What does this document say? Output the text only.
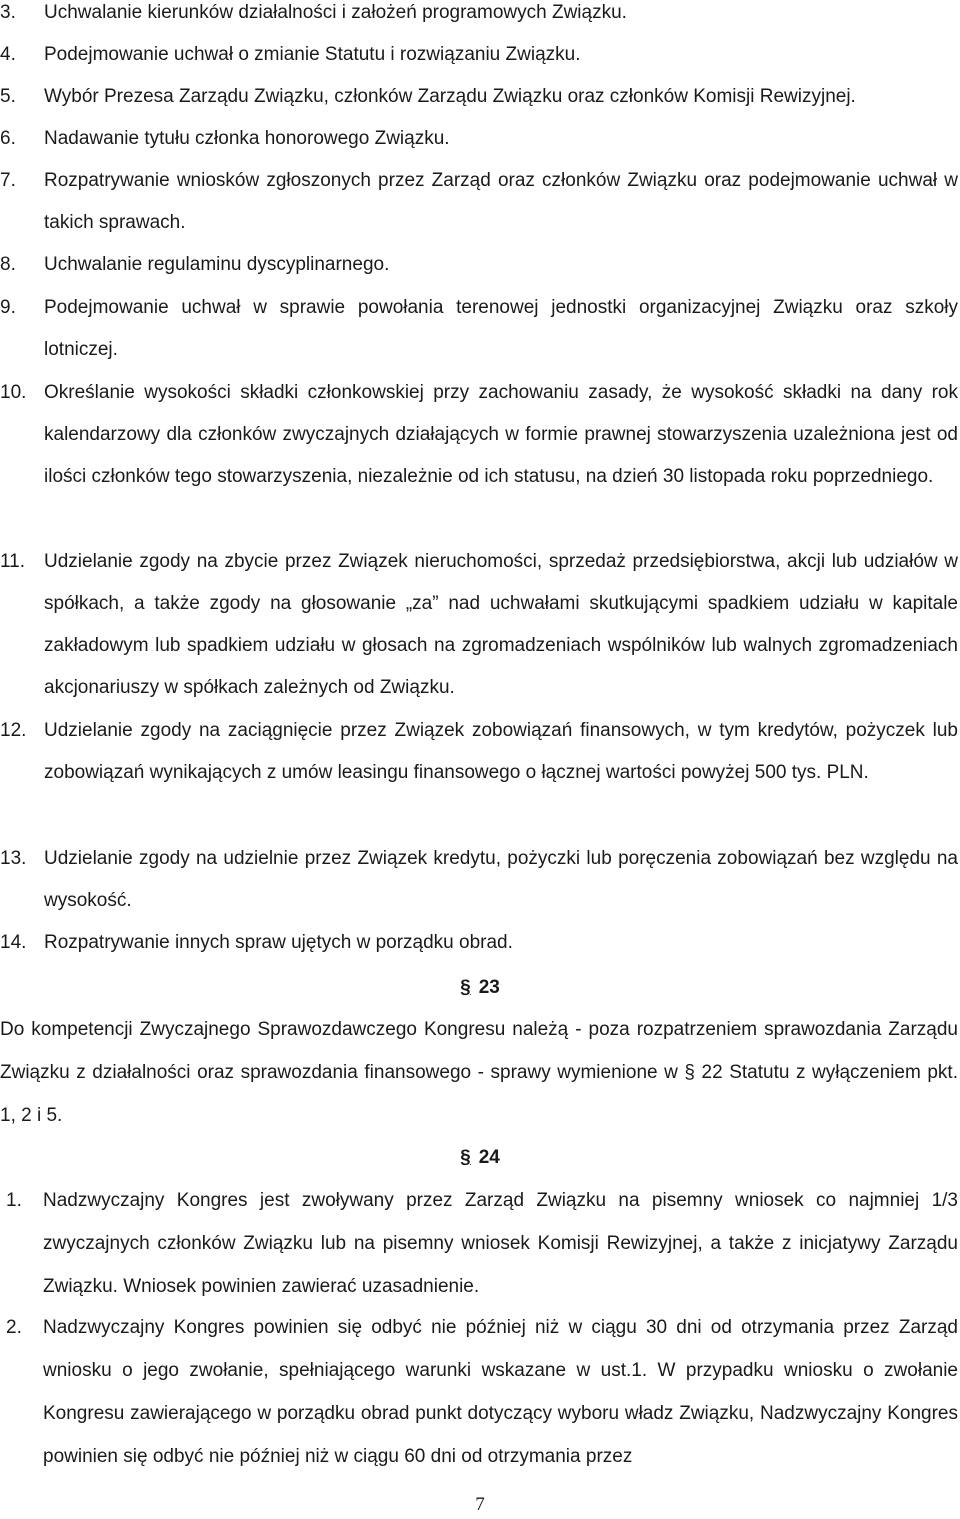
3. Uchwalanie kierunków działalności i założeń programowych Związku.
4. Podejmowanie uchwał o zmianie Statutu i rozwiązaniu Związku.
5. Wybór Prezesa Zarządu Związku, członków Zarządu Związku oraz członków Komisji Rewizyjnej.
6. Nadawanie tytułu członka honorowego Związku.
7. Rozpatrywanie wniosków zgłoszonych przez Zarząd oraz członków Związku oraz podejmowanie uchwał w takich sprawach.
8. Uchwalanie regulaminu dyscyplinarnego.
9. Podejmowanie uchwał w sprawie powołania terenowej jednostki organizacyjnej Związku oraz szkoły lotniczej.
10. Określanie wysokości składki członkowskiej przy zachowaniu zasady, że wysokość składki na dany rok kalendarzowy dla członków zwyczajnych działających w formie prawnej stowarzyszenia uzależniona jest od ilości członków tego stowarzyszenia, niezależnie od ich statusu, na dzień 30 listopada roku poprzedniego.
11. Udzielanie zgody na zbycie przez Związek nieruchomości, sprzedaż przedsiębiorstwa, akcji lub udziałów w spółkach, a także zgody na głosowanie „za” nad uchwałami skutkującymi spadkiem udziału w kapitale zakładowym lub spadkiem udziału w głosach na zgromadzeniach wspólników lub walnych zgromadzeniach akcjonariuszy w spółkach zależnych od Związku.
12. Udzielanie zgody na zaciągnięcie przez Związek zobowiązań finansowych, w tym kredytów, pożyczek lub zobowiązań wynikających z umów leasingu finansowego o łącznej wartości powyżej 500 tys. PLN.
13. Udzielanie zgody na udzielnie przez Związek kredytu, pożyczki lub poręczenia zobowiązań bez względu na wysokość.
14. Rozpatrywanie innych spraw ujętych w porządku obrad.
§ 23
Do kompetencji Zwyczajnego Sprawozdawczego Kongresu należą - poza rozpatrzeniem sprawozdania Zarządu Związku z działalności oraz sprawozdania finansowego - sprawy wymienione w § 22 Statutu z wyłączeniem pkt. 1, 2 i 5.
§ 24
1. Nadzwyczajny Kongres jest zwoływany przez Zarząd Związku na pisemny wniosek co najmniej 1/3 zwyczajnych członków Związku lub na pisemny wniosek Komisji Rewizyjnej, a także z inicjatywy Zarządu Związku. Wniosek powinien zawierać uzasadnienie.
2. Nadzwyczajny Kongres powinien się odbyć nie później niż w ciągu 30 dni od otrzymania przez Zarząd wniosku o jego zwołanie, spełniającego warunki wskazane w ust.1. W przypadku wniosku o zwołanie Kongresu zawierającego w porządku obrad punkt dotyczący wyboru władz Związku, Nadzwyczajny Kongres powinien się odbyć nie później niż w ciągu 60 dni od otrzymania przez
7
